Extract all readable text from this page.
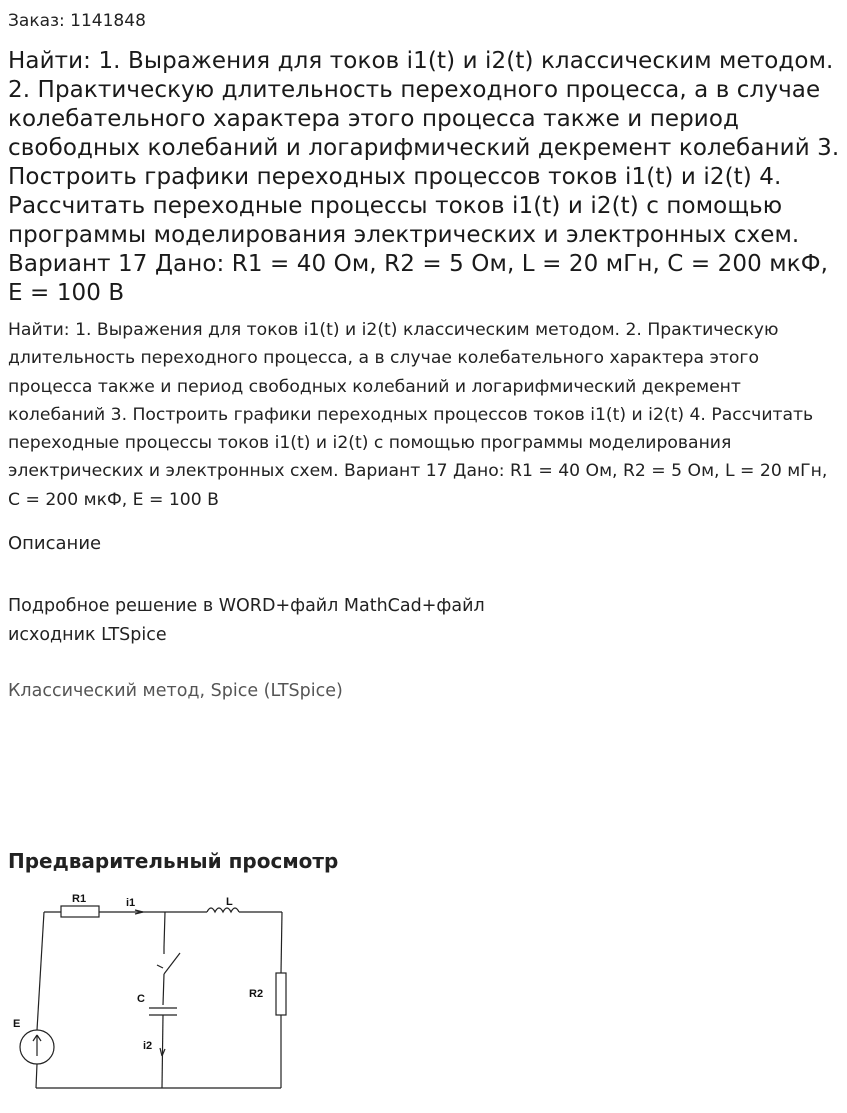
Заказ: 1141848
Найти: 1. Выражения для токов i1(t) и i2(t) классическим методом. 2. Практическую длительность переходного процесса, а в случае колебательного характера этого процесса также и период свободных колебаний и логарифмический декремент колебаний 3. Построить графики переходных процессов токов i1(t) и i2(t) 4. Рассчитать переходные процессы токов i1(t) и i2(t) с помощью программы моделирования электрических и электронных схем. Вариант 17 Дано: R1 = 40 Ом, R2 = 5 Ом, L = 20 мГн, C = 200 мкФ, E = 100 В

Найти: 1. Выражения для токов i1(t) и i2(t) классическим методом. 2. Практическую длительность переходного процесса, а в случае колебательного характера этого процесса также и период свободных колебаний и логарифмический декремент колебаний 3. Построить графики переходных процессов токов i1(t) и i2(t) 4. Рассчитать переходные процессы токов i1(t) и i2(t) с помощью программы моделирования электрических и электронных схем. Вариант 17 Дано: R1 = 40 Ом, R2 = 5 Ом, L = 20 мГн, C = 200 мкФ, E = 100 В

Описание
Подробное решение в WORD+файл MathCad+файл
исходник LTSpice
Классический метод, Spice (LTSpice)
Предварительный просмотр
R1	i1	L
C	R2
E
i2
